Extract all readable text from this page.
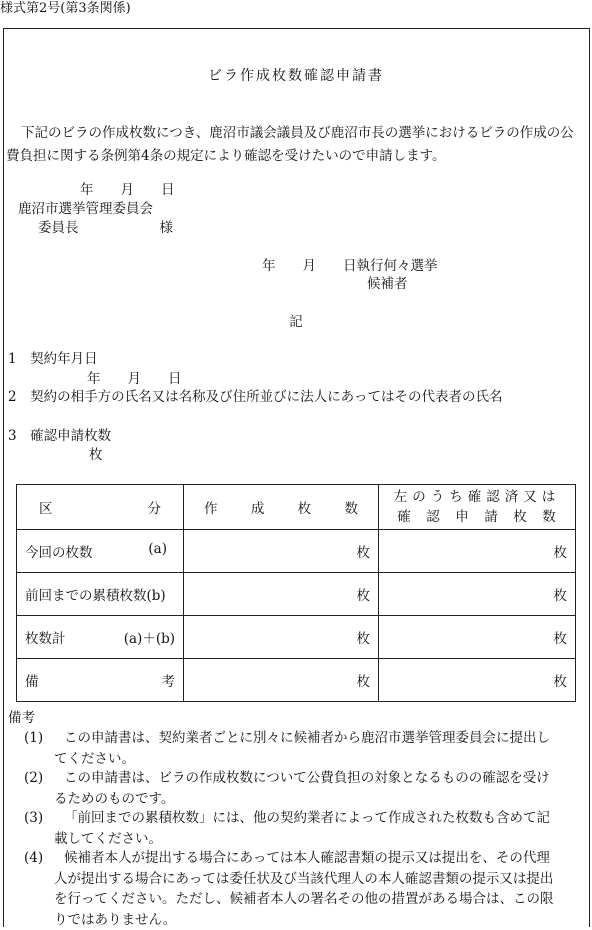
様式第2号(第3条関係)
ビラ作成枚数確認申請書
下記のビラの作成枚数につき、鹿沼市議会議員及び鹿沼市長の選挙におけるビラの作成の公費負担に関する条例第4条の規定により確認を受けたいので申請します。
年　　月　　日
鹿沼市選挙管理委員会
委員長　　　　　　様
年　　月　　日執行何々選挙
候補者
記
1　契約年月日
年　　月　　日
2　契約の相手方の氏名又は名称及び住所並びに法人にあってはその代表者の氏名
3　確認申請枚数
枚
区 分	作 成 枚 数	左のうち確認済又は
確　認　申　請　枚　数

今回の枚数 (a)	枚	枚

前回までの累積枚数(b)	枚	枚

枚数計 (a)＋(b)	枚	枚

備 考	枚	枚
備考
(1)	この申請書は、契約業者ごとに別々に候補者から鹿沼市選挙管理委員会に提出し
てください。
(2)	この申請書は、ビラの作成枚数について公費負担の対象となるものの確認を受け
るためのものです。
(3)	「前回までの累積枚数」には、他の契約業者によって作成された枚数も含めて記
載してください。
(4)	候補者本人が提出する場合にあっては本人確認書類の提示又は提出を、その代理
人が提出する場合にあっては委任状及び当該代理人の本人確認書類の提示又は提出
を行ってください。ただし、候補者本人の署名その他の措置がある場合は、この限
りではありません。
